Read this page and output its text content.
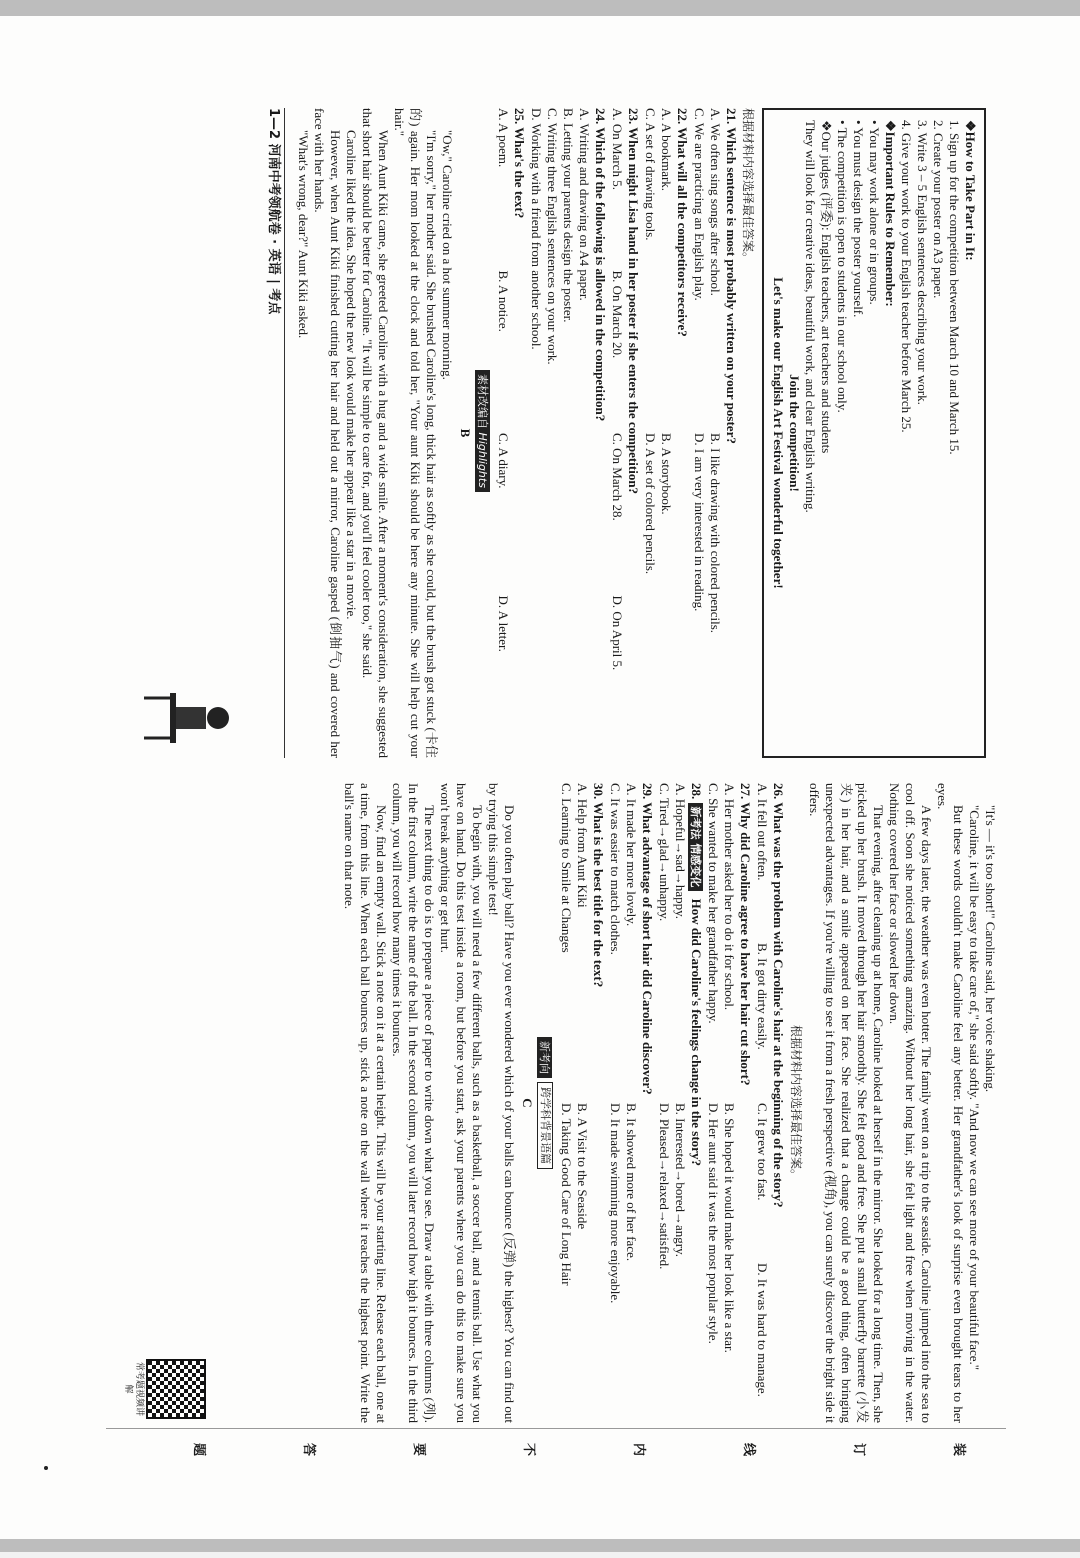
❖How to Take Part in It:
1. Sign up for the competition between March 10 and March 15.
2. Create your poster on A3 paper.
3. Write 3 – 5 English sentences describing your work.
4. Give your work to your English teacher before March 25.
❖Important Rules to Remember:
• You may work alone or in groups.
• You must design the poster yourself.
• The competition is open to students in our school only.
❖Our judges (评委): English teachers, art teachers and students
They will look for creative ideas, beautiful work, and clear English writing.
Join the competition!
Let's make our English Art Festival wonderful together!
根据材料内容选择最佳答案。
21. Which sentence is most probably written on your poster?
A. We often sing songs after school.
B. I like drawing with colored pencils.
C. We are practicing an English play.
D. I am very interested in reading.
22. What will all the competitors receive?
A. A bookmark.
B. A storybook.
C. A set of drawing tools.
D. A set of colored pencils.
23. When might Lisa hand in her poster if she enters the competition?
A. On March 5.
B. On March 20.
C. On March 28.
D. On April 5.
24. Which of the following is allowed in the competition?
A. Writing and drawing on A4 paper.
B. Letting your parents design the poster.
C. Writing three English sentences on your work.
D. Working with a friend from another school.
25. What's the text?
A. A poem.
B. A notice.
C. A diary.
D. A letter.
素材改编自 Highlights
B

"Ow," Caroline cried on a hot summer morning.

"I'm sorry," her mother said. She brushed Caroline's long, thick hair as softly as she could, but the brush got stuck (卡住的) again. Her mom looked at the clock and told her, "Your aunt Kiki should be here any minute. She will help cut your hair."

When Aunt Kiki came, she greeted Caroline with a hug and a wide smile. After a moment's consideration, she suggested that short hair should be better for Caroline. "It will be simple to care for, and you'll feel cooler too," she said.

Caroline liked the idea. She hoped the new look would make her appear like a star in a movie.

However, when Aunt Kiki finished cutting her hair and held out a mirror, Caroline gasped (倒抽气) and covered her face with her hands.

"What's wrong, dear?" Aunt Kiki asked.

1—2 河南中考领航卷 · 英语 | 考点

"It's — it's too short!" Caroline said, her voice shaking.

"Caroline, it will be easy to take care of," she said softly. "And now we can see more of your beautiful face."

But these words couldn't make Caroline feel any better. Her grandfather's look of surprise even brought tears to her eyes.

A few days later, the weather was even hotter. The family went on a trip to the seaside. Caroline jumped into the sea to cool off. Soon she noticed something amazing. Without her long hair, she felt light and free when moving in the water. Nothing covered her face or slowed her down.

That evening, after cleaning up at home, Caroline looked at herself in the mirror. She looked for a long time. Then, she picked up her brush. It moved through her hair smoothly. She felt good and free. She put a small butterfly barrette (小发夹) in her hair, and a smile appeared on her face. She realized that a change could be a good thing, often bringing unexpected advantages. If you're willing to see it from a fresh perspective (视角), you can surely discover the bright side it offers.

根据材料内容选择最佳答案。
26. What was the problem with Caroline's hair at the beginning of the story?
A. It fell out often.
B. It got dirty easily.
C. It grew too fast.
D. It was hard to manage.
27. Why did Caroline agree to have her hair cut short?
A. Her mother asked her to do it for school.
B. She hoped it would make her look like a star.
C. She wanted to make her grandfather happy.
D. Her aunt said it was the most popular style.
28. 新考法 情感变化 How did Caroline's feelings change in the story?
A. Hopeful→sad→happy.
B. Interested→bored→angry.
C. Tired→glad→unhappy.
D. Pleased→relaxed→satisfied.
29. What advantage of short hair did Caroline discover?
A. It made her more lovely.
B. It showed more of her face.
C. It was easier to match clothes.
D. It made swimming more enjoyable.
30. What is the best title for the text?
A. Help from Aunt Kiki
B. A Visit to the Seaside
C. Learning to Smile at Changes
D. Taking Good Care of Long Hair
新考向
跨学科背景语篇
C

Do you often play ball? Have you ever wondered which of your balls can bounce (反弹) the highest? You can find out by trying this simple test!

To begin with, you will need a few different balls, such as a basketball, a soccer ball, and a tennis ball. Use what you have on hand. Do this test inside a room, but before you start, ask your parents where you can do this to make sure you won't break anything or get hurt.

The next thing to do is to prepare a piece of paper to write down what you see. Draw a table with three columns (列). In the first column, write the name of the ball. In the second column, you will later record how high it bounces. In the third column, you will record how many times it bounces.

Now, find an empty wall. Stick a note on it at a certain height. This will be your starting line. Release each ball, one at a time, from this line. When each ball bounces up, stick a note on the wall where it reaches the highest point. Write the ball's name on that note.

常考题视频讲解
装
订
线
内
不
要
答
题
